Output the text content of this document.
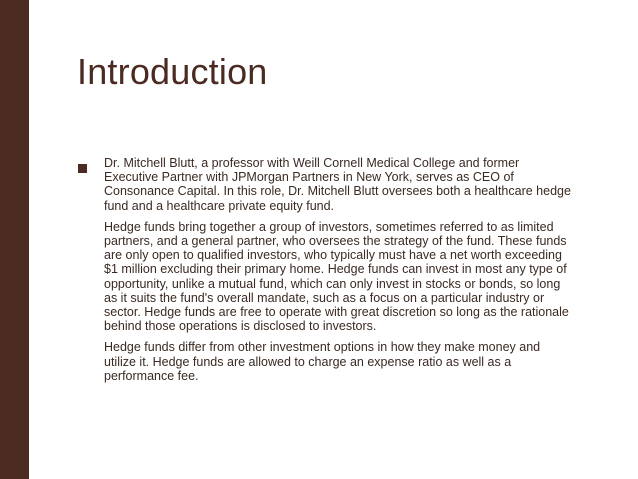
Introduction

Dr. Mitchell Blutt, a professor with Weill Cornell Medical College and former Executive Partner with JPMorgan Partners in New York, serves as CEO of Consonance Capital. In this role, Dr. Mitchell Blutt oversees both a healthcare hedge fund and a healthcare private equity fund.

Hedge funds bring together a group of investors, sometimes referred to as limited partners, and a general partner, who oversees the strategy of the fund. These funds are only open to qualified investors, who typically must have a net worth exceeding $1 million excluding their primary home. Hedge funds can invest in most any type of opportunity, unlike a mutual fund, which can only invest in stocks or bonds, so long as it suits the fund's overall mandate, such as a focus on a particular industry or sector. Hedge funds are free to operate with great discretion so long as the rationale behind those operations is disclosed to investors.

Hedge funds differ from other investment options in how they make money and utilize it. Hedge funds are allowed to charge an expense ratio as well as a performance fee.
